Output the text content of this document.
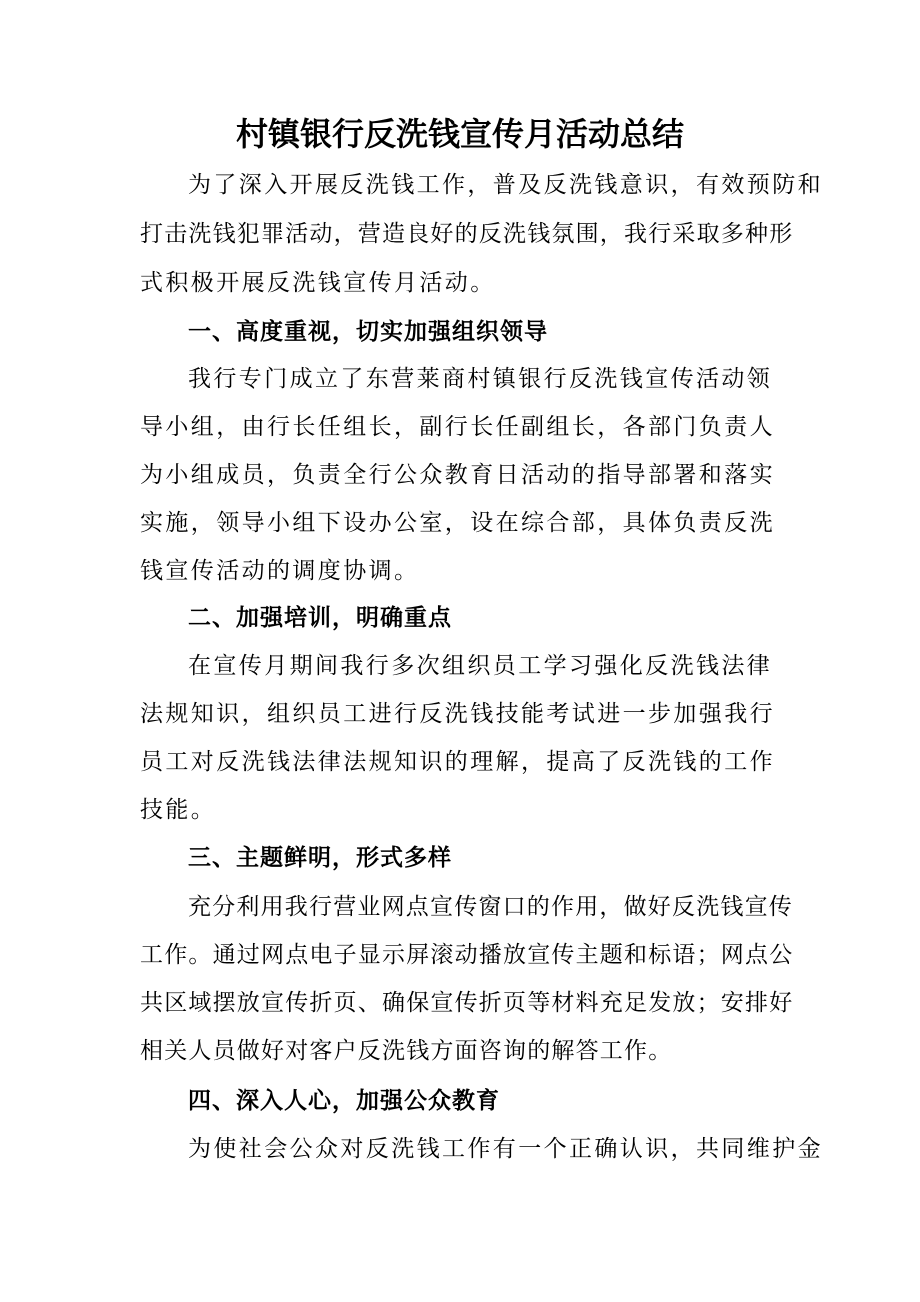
村镇银行反洗钱宣传月活动总结
为了深入开展反洗钱工作，普及反洗钱意识，有效预防和
打击洗钱犯罪活动，营造良好的反洗钱氛围，我行采取多种形
式积极开展反洗钱宣传月活动。
一、高度重视，切实加强组织领导
我行专门成立了东营莱商村镇银行反洗钱宣传活动领
导小组，由行长任组长，副行长任副组长，各部门负责人
为小组成员，负责全行公众教育日活动的指导部署和落实
实施，领导小组下设办公室，设在综合部，具体负责反洗
钱宣传活动的调度协调。
二、加强培训，明确重点
在宣传月期间我行多次组织员工学习强化反洗钱法律
法规知识，组织员工进行反洗钱技能考试进一步加强我行
员工对反洗钱法律法规知识的理解，提高了反洗钱的工作
技能。
三、主题鲜明，形式多样
充分利用我行营业网点宣传窗口的作用，做好反洗钱宣传
工作。通过网点电子显示屏滚动播放宣传主题和标语；网点公
共区域摆放宣传折页、确保宣传折页等材料充足发放；安排好
相关人员做好对客户反洗钱方面咨询的解答工作。
四、深入人心，加强公众教育
为使社会公众对反洗钱工作有一个正确认识，共同维护金
